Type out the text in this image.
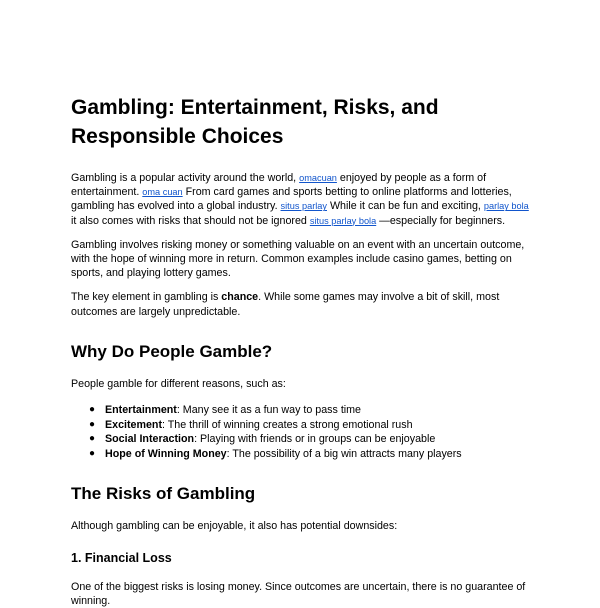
Gambling: Entertainment, Risks, and Responsible Choices

Gambling is a popular activity around the world, omacuan enjoyed by people as a form of entertainment. oma cuan From card games and sports betting to online platforms and lotteries, gambling has evolved into a global industry. situs parlay While it can be fun and exciting, parlay bola it also comes with risks that should not be ignored situs parlay bola —especially for beginners.

Gambling involves risking money or something valuable on an event with an uncertain outcome, with the hope of winning more in return. Common examples include casino games, betting on sports, and playing lottery games.

The key element in gambling is chance. While some games may involve a bit of skill, most outcomes are largely unpredictable.

Why Do People Gamble?

People gamble for different reasons, such as:

● Entertainment: Many see it as a fun way to pass time
● Excitement: The thrill of winning creates a strong emotional rush
● Social Interaction: Playing with friends or in groups can be enjoyable
● Hope of Winning Money: The possibility of a big win attracts many players
The Risks of Gambling

Although gambling can be enjoyable, it also has potential downsides:

1. Financial Loss

One of the biggest risks is losing money. Since outcomes are uncertain, there is no guarantee of winning.
